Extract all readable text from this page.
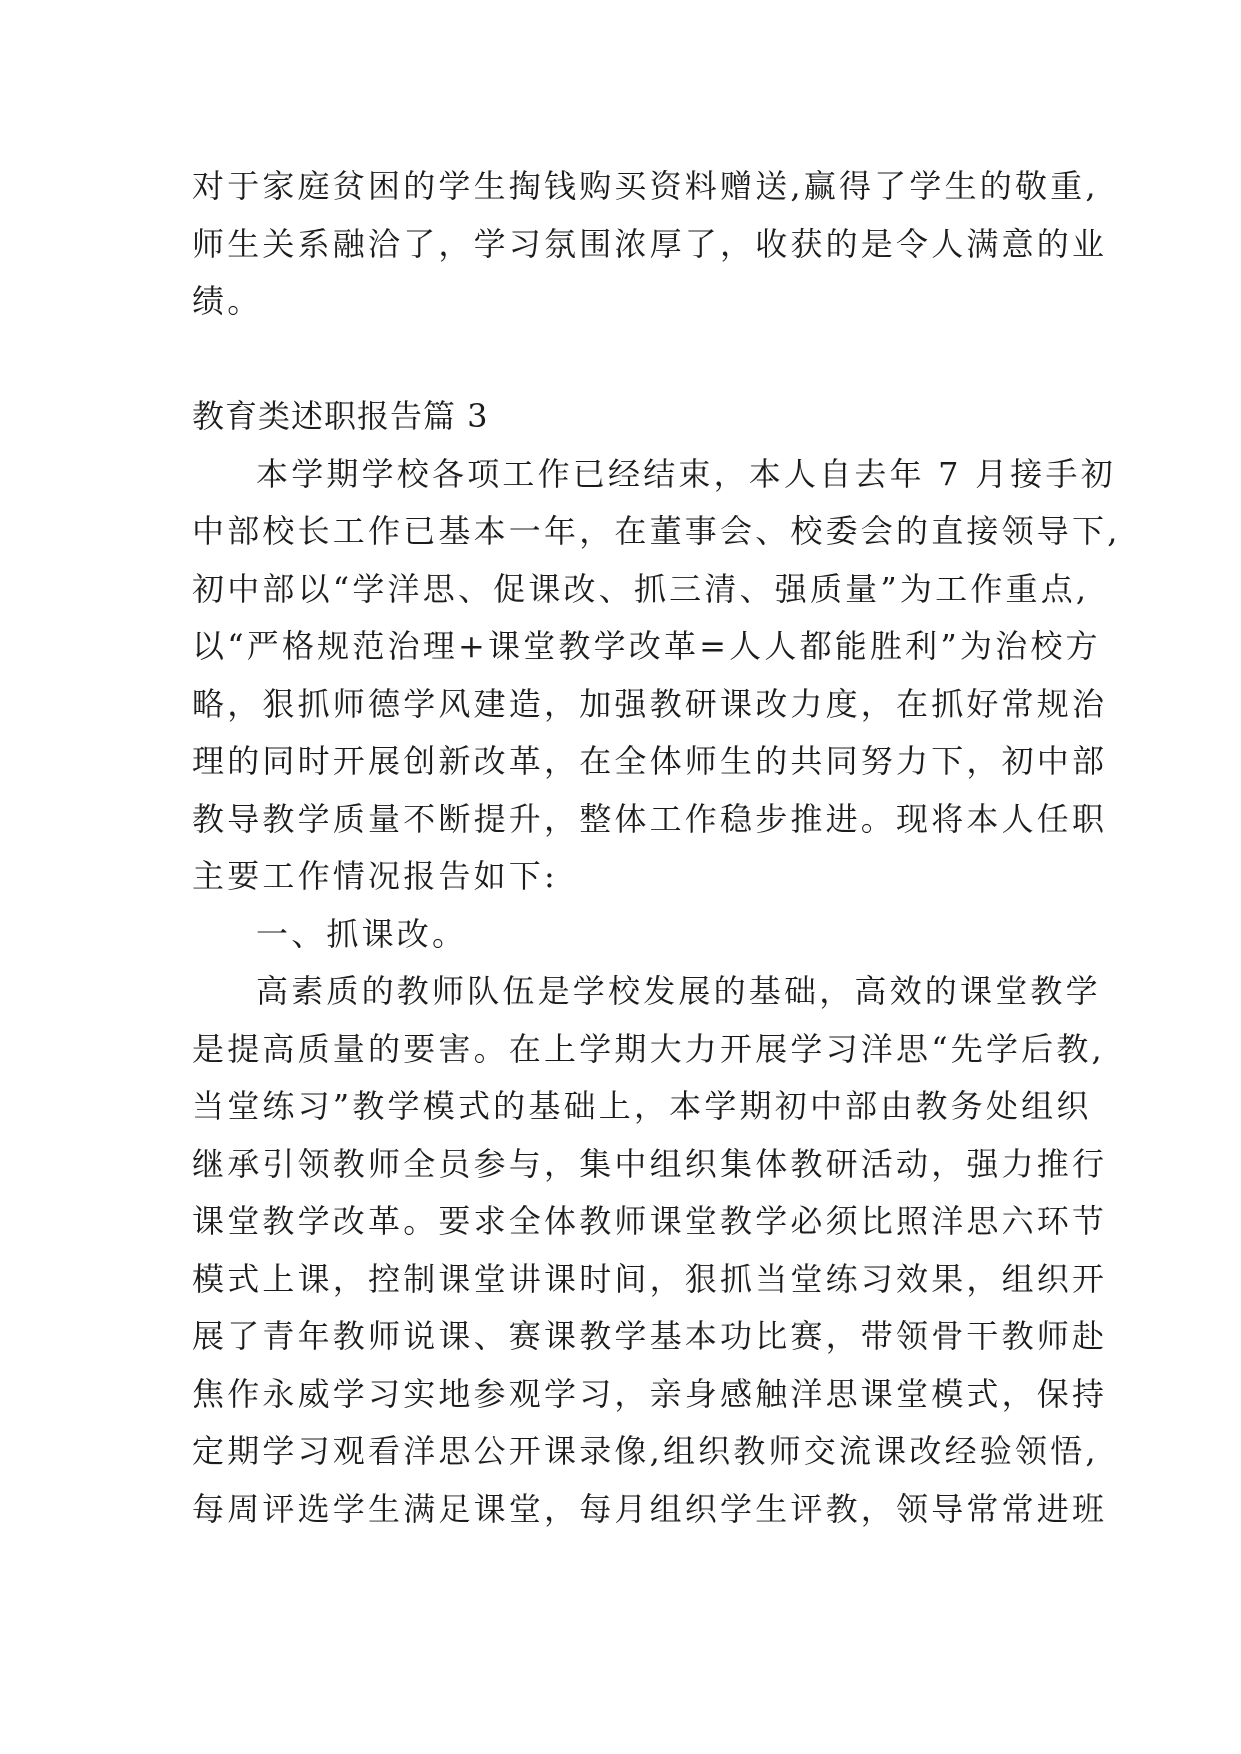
对于家庭贫困的学生掏钱购买资料赠送,赢得了学生的敬重,
师生关系融洽了，学习氛围浓厚了，收获的是令人满意的业
绩。
教育类述职报告篇 3
本学期学校各项工作已经结束，本人自去年 7 月接手初
中部校长工作已基本一年，在董事会、校委会的直接领导下,
初中部以“学洋思、促课改、抓三清、强质量”为工作重点,
以“严格规范治理+课堂教学改革=人人都能胜利”为治校方
略，狠抓师德学风建造，加强教研课改力度，在抓好常规治
理的同时开展创新改革，在全体师生的共同努力下，初中部
教导教学质量不断提升，整体工作稳步推进。现将本人任职
主要工作情况报告如下:
一、抓课改。
高素质的教师队伍是学校发展的基础，高效的课堂教学
是提高质量的要害。在上学期大力开展学习洋思“先学后教,
当堂练习”教学模式的基础上，本学期初中部由教务处组织
继承引领教师全员参与，集中组织集体教研活动，强力推行
课堂教学改革。要求全体教师课堂教学必须比照洋思六环节
模式上课，控制课堂讲课时间，狠抓当堂练习效果，组织开
展了青年教师说课、赛课教学基本功比赛，带领骨干教师赴
焦作永威学习实地参观学习，亲身感触洋思课堂模式，保持
定期学习观看洋思公开课录像,组织教师交流课改经验领悟,
每周评选学生满足课堂，每月组织学生评教，领导常常进班
